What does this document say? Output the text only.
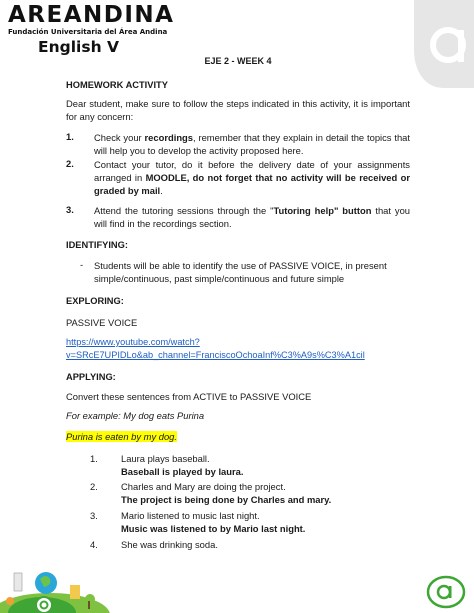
AREANDINA
Fundación Universitaria del Área Andina
English V
EJE 2 - WEEK 4
HOMEWORK ACTIVITY
Dear student, make sure to follow the steps indicated in this activity, it is important for any concern:
1. Check your recordings, remember that they explain in detail the topics that will help you to develop the activity proposed here.
2. Contact your tutor, do it before the delivery date of your assignments arranged in MOODLE, do not forget that no activity will be received or graded by mail.
3. Attend the tutoring sessions through the "Tutoring help" button that you will find in the recordings section.
IDENTIFYING:
- Students will be able to identify the use of PASSIVE VOICE, in present simple/continuous, past simple/continuous and future simple
EXPLORING:
PASSIVE VOICE
https://www.youtube.com/watch?
v=SRcE7UPIDLo&ab_channel=FranciscoOchoaInf%C3%A9s%C3%A1cil
APPLYING:
Convert these sentences from ACTIVE to PASSIVE VOICE
For example: My dog eats Purina
Purina is eaten by my dog.
1. Laura plays baseball.
Baseball is played by laura.
2. Charles and Mary are doing the project.
The project is being done by Charles and mary.
3. Mario listened to music last night.
Music was listened to by Mario last night.
4. She was drinking soda.
